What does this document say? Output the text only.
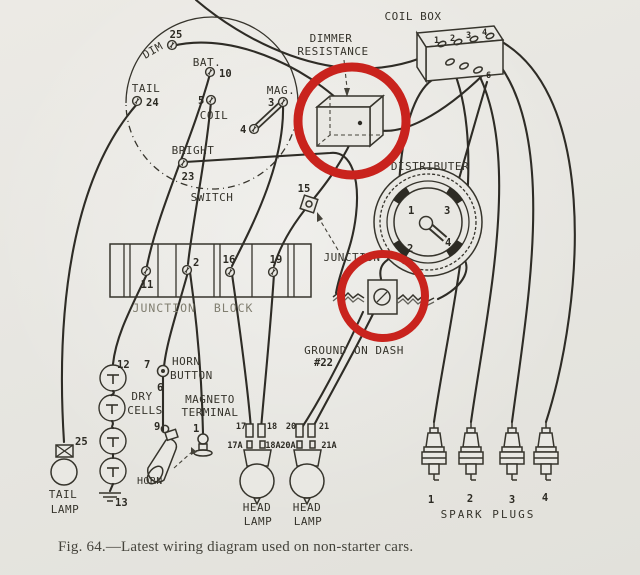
DIM
25
BAT.
10
TAIL
24	5
COIL
MAG.
3
4
BRIGHT
23
SWITCH
15
COIL BOX
1 2 3 4
6
DIMMER
RESISTANCE
1	3
2	4
DISTRIBUTER
11
2 16	19
JUNCTION BLOCK
JUNCTION
GROUND ON DASH
#22
7
6
HORN
BUTTON
MAGNETO
TERMINAL
1
12
13
DRY
CELLS
9
HORN
25
TAIL
LAMP
17 18
17A	18A
HEAD
LAMP
20	21
20A	21A
HEAD
LAMP
1	2	3	4
SPARK PLUGS
Fig. 64.—Latest wiring diagram used on non-starter cars.
